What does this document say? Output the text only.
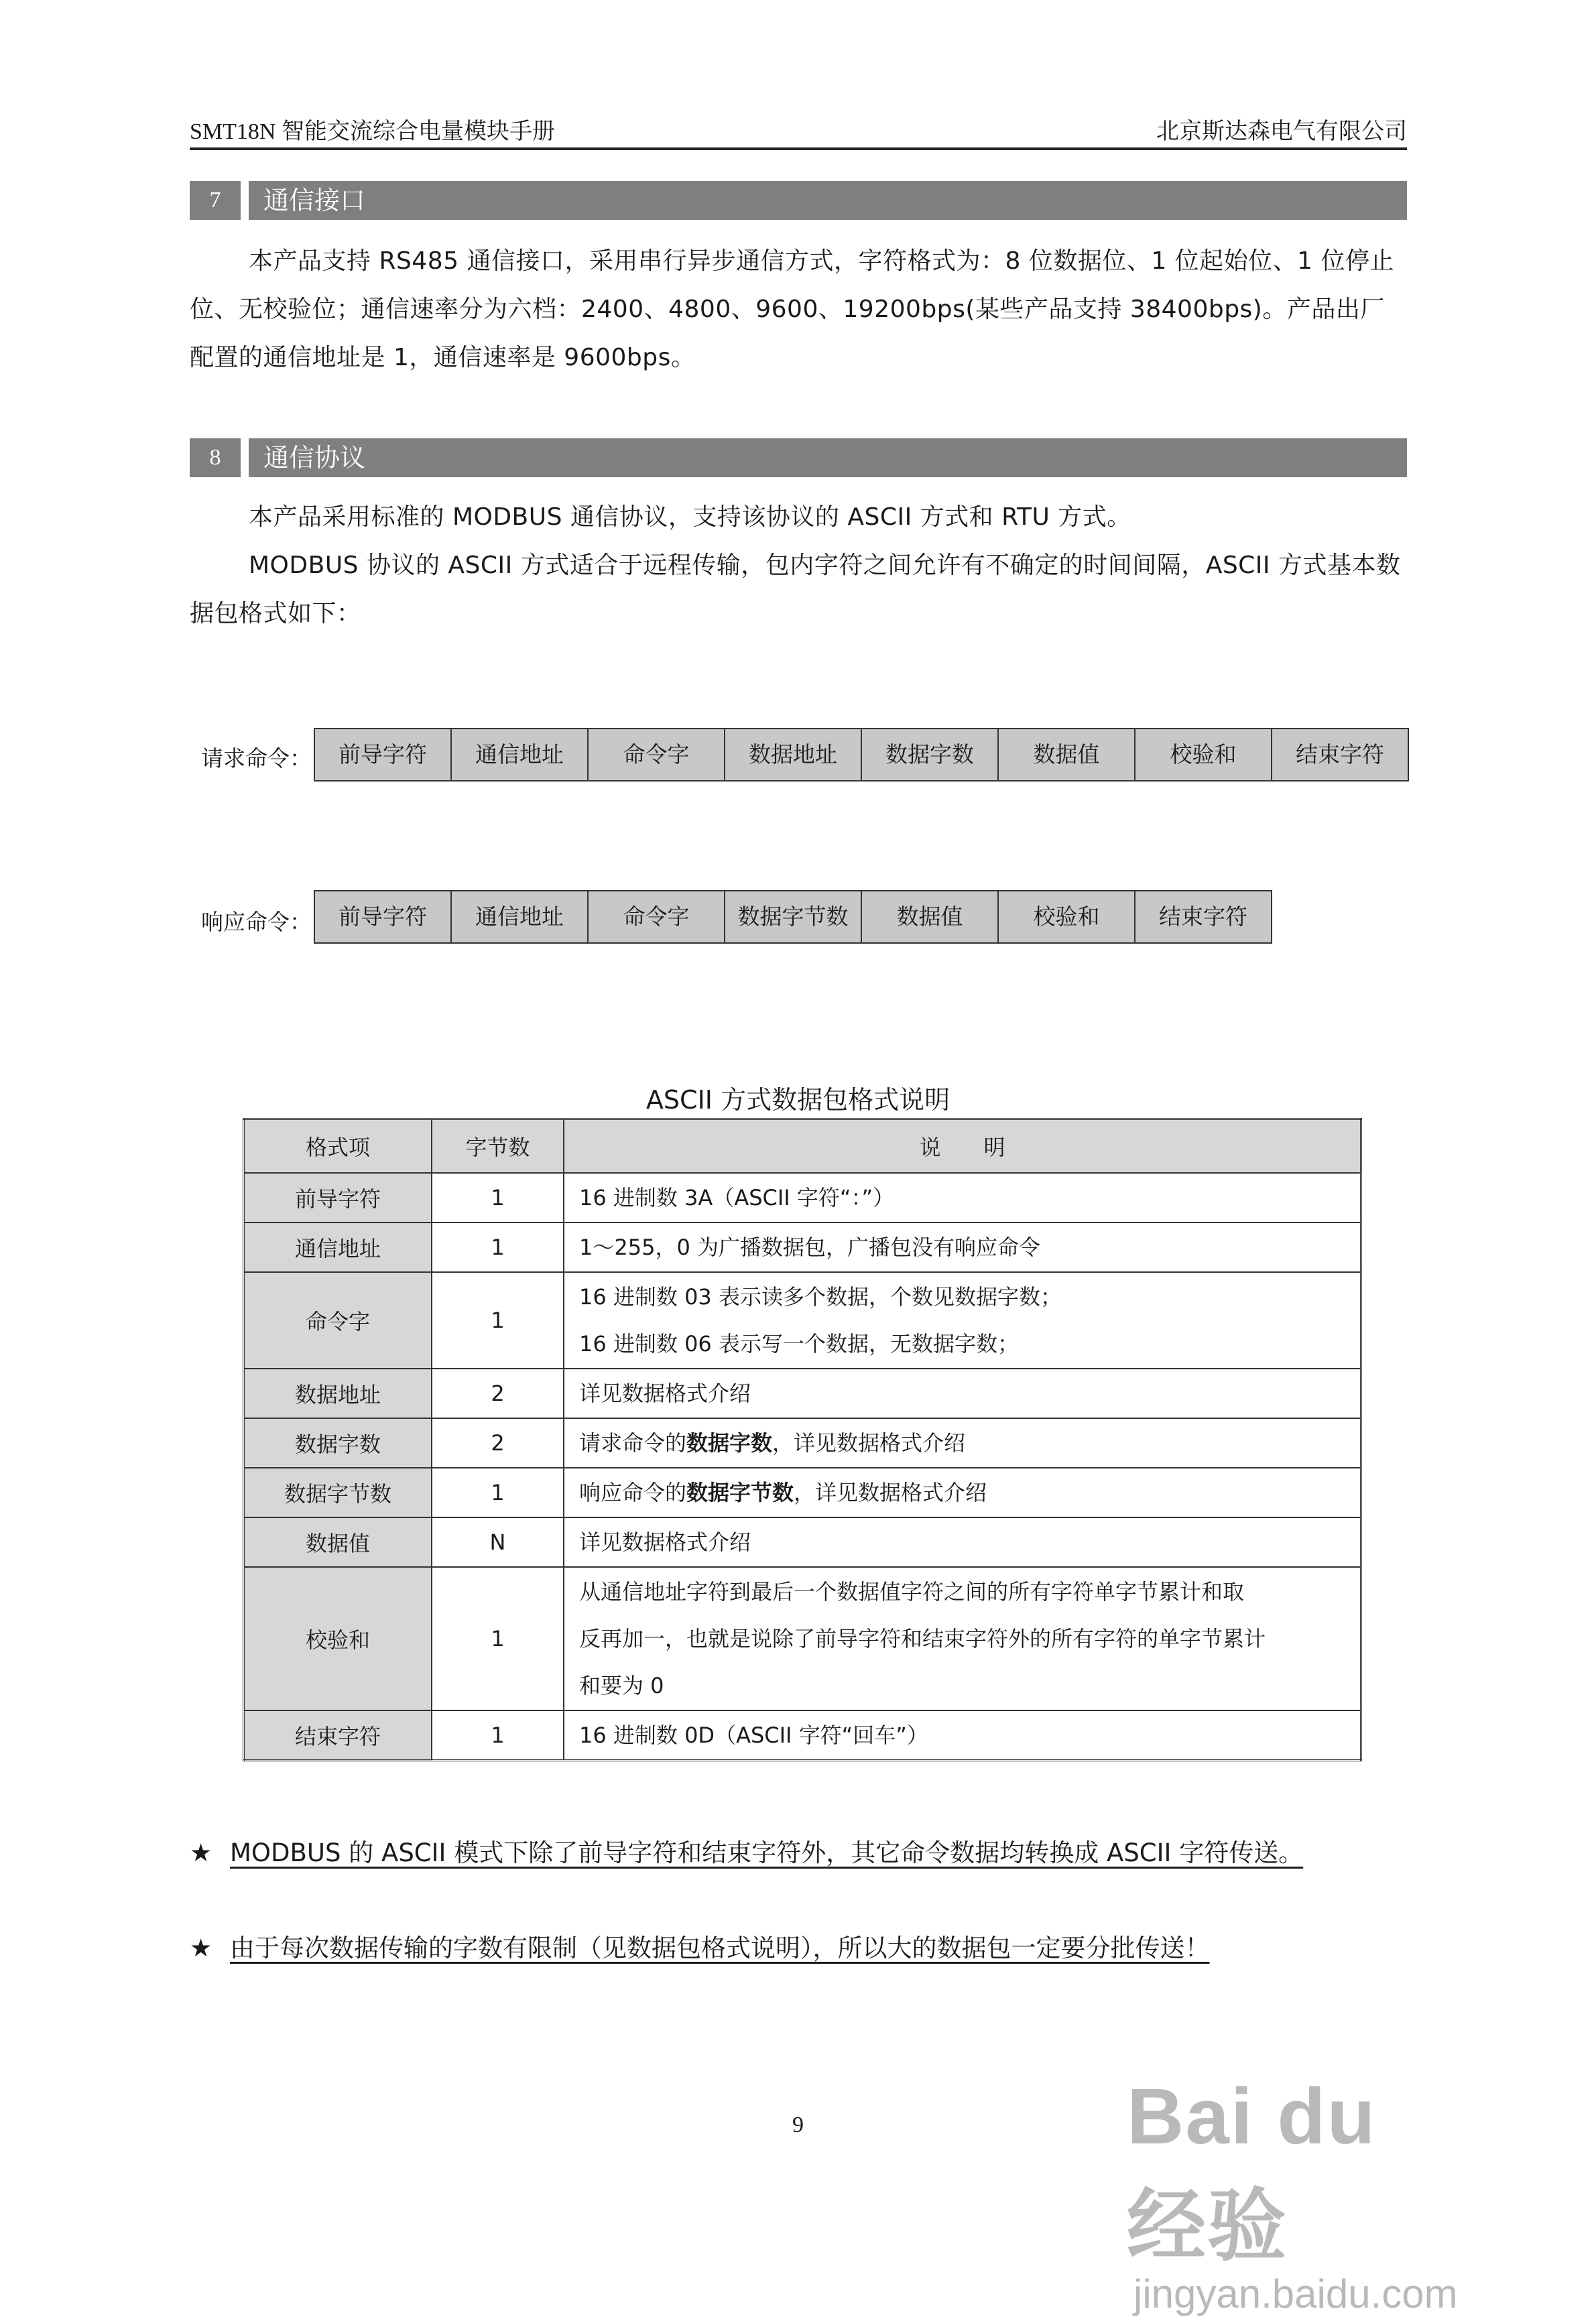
SMT18N 智能交流综合电量模块手册	北京斯达森电气有限公司
7	通信接口
本产品支持 RS485 通信接口，采用串行异步通信方式，字符格式为：8 位数据位、1 位起始位、1 位停止位、无校验位；通信速率分为六档：2400、4800、9600、19200bps(某些产品支持 38400bps)。产品出厂配置的通信地址是 1，通信速率是 9600bps。
8	通信协议
本产品采用标准的 MODBUS 通信协议，支持该协议的 ASCII 方式和 RTU 方式。
MODBUS 协议的 ASCII 方式适合于远程传输，包内字符之间允许有不确定的时间间隔，ASCII 方式基本数据包格式如下：
请求命令：	前导字符	通信地址	命令字	数据地址	数据字数	数据值	校验和	结束字符
响应命令：	前导字符	通信地址	命令字	数据字节数	数据值	校验和	结束字符
ASCII 方式数据包格式说明
格式项	字节数	说　　明
前导字符	1	16 进制数 3A（ASCII 字符“：”）
通信地址	1	1～255，0 为广播数据包，广播包没有响应命令
命令字	1	16 进制数 03 表示读多个数据，个数见数据字数；
16 进制数 06 表示写一个数据，无数据字数；

数据地址	2	详见数据格式介绍
数据字数	2	请求命令的数据字数，详见数据格式介绍
数据字节数	1	响应命令的数据字节数，详见数据格式介绍
数据值	N	详见数据格式介绍
校验和	1	从通信地址字符到最后一个数据值字符之间的所有字符单字节累计和取
反再加一，也就是说除了前导字符和结束字符外的所有字符的单字节累计
和要为 0

结束字符	1	16 进制数 0D（ASCII 字符“回车”）
★ MODBUS 的 ASCII 模式下除了前导字符和结束字符外，其它命令数据均转换成 ASCII 字符传送。
★ 由于每次数据传输的字数有限制（见数据包格式说明），所以大的数据包一定要分批传送！
9	Bai du 经验
jingyan.baidu.com
